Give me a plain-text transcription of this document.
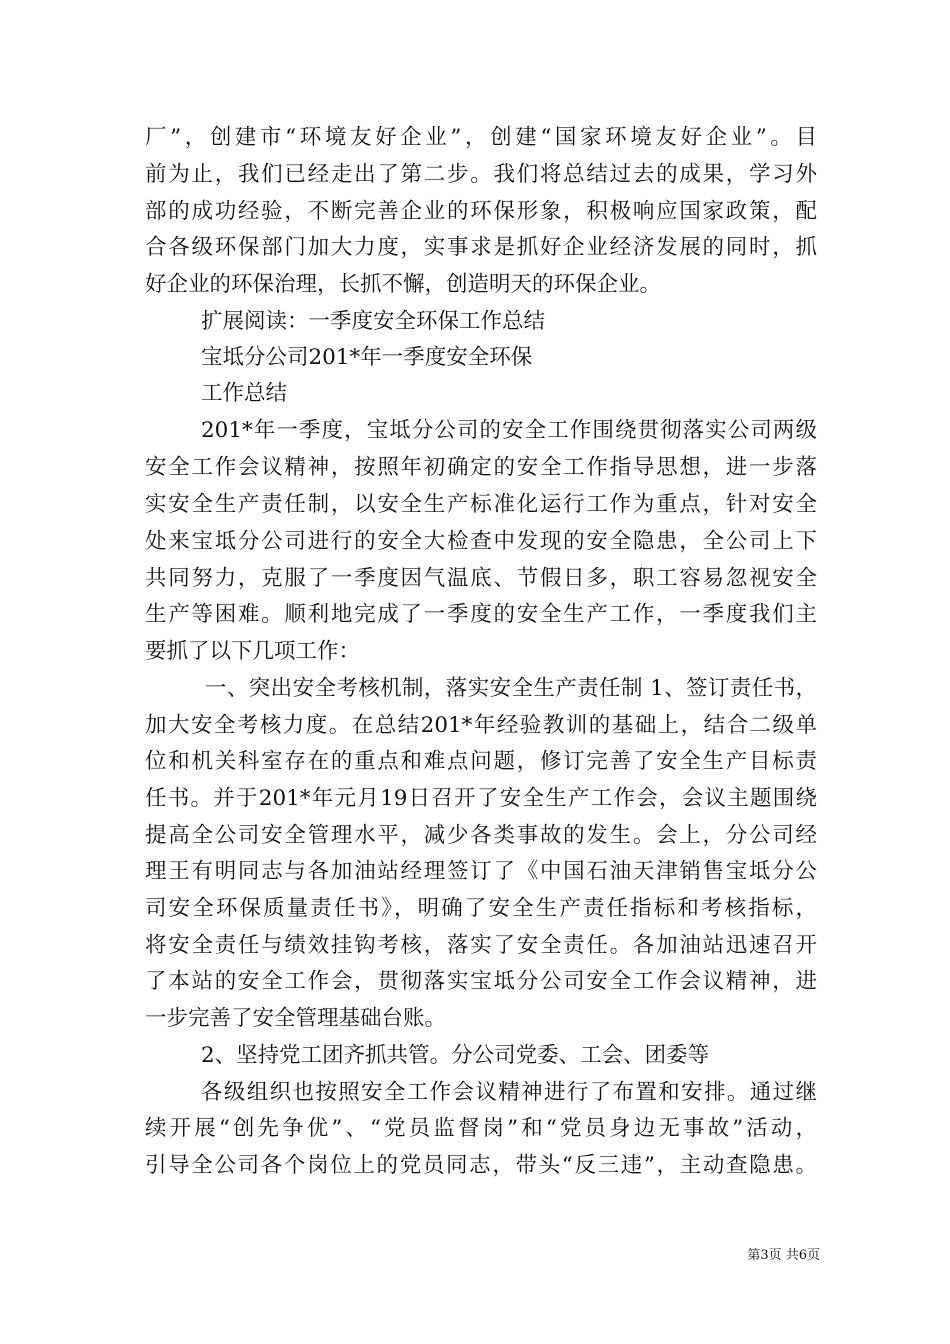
厂”，创建市“环境友好企业”，创建“国家环境友好企业”。目
前为止，我们已经走出了第二步。我们将总结过去的成果，学习外
部的成功经验，不断完善企业的环保形象，积极响应国家政策，配
合各级环保部门加大力度，实事求是抓好企业经济发展的同时，抓
好企业的环保治理，长抓不懈，创造明天的环保企业。
扩展阅读：一季度安全环保工作总结
宝坻分公司201*年一季度安全环保
工作总结
201*年一季度，宝坻分公司的安全工作围绕贯彻落实公司两级
安全工作会议精神，按照年初确定的安全工作指导思想，进一步落
实安全生产责任制，以安全生产标准化运行工作为重点，针对安全
处来宝坻分公司进行的安全大检查中发现的安全隐患，全公司上下
共同努力，克服了一季度因气温底、节假日多，职工容易忽视安全
生产等困难。顺利地完成了一季度的安全生产工作，一季度我们主
要抓了以下几项工作：
一、突出安全考核机制，落实安全生产责任制 1、签订责任书，
加大安全考核力度。在总结201*年经验教训的基础上，结合二级单
位和机关科室存在的重点和难点问题，修订完善了安全生产目标责
任书。并于201*年元月19日召开了安全生产工作会，会议主题围绕
提高全公司安全管理水平，减少各类事故的发生。会上，分公司经
理王有明同志与各加油站经理签订了《中国石油天津销售宝坻分公
司安全环保质量责任书》，明确了安全生产责任指标和考核指标，
将安全责任与绩效挂钩考核，落实了安全责任。各加油站迅速召开
了本站的安全工作会，贯彻落实宝坻分公司安全工作会议精神，进
一步完善了安全管理基础台账。
2、坚持党工团齐抓共管。分公司党委、工会、团委等
各级组织也按照安全工作会议精神进行了布置和安排。通过继
续开展“创先争优”、“党员监督岗”和“党员身边无事故”活动，
引导全公司各个岗位上的党员同志，带头“反三违”，主动查隐患。
第3页 共6页
